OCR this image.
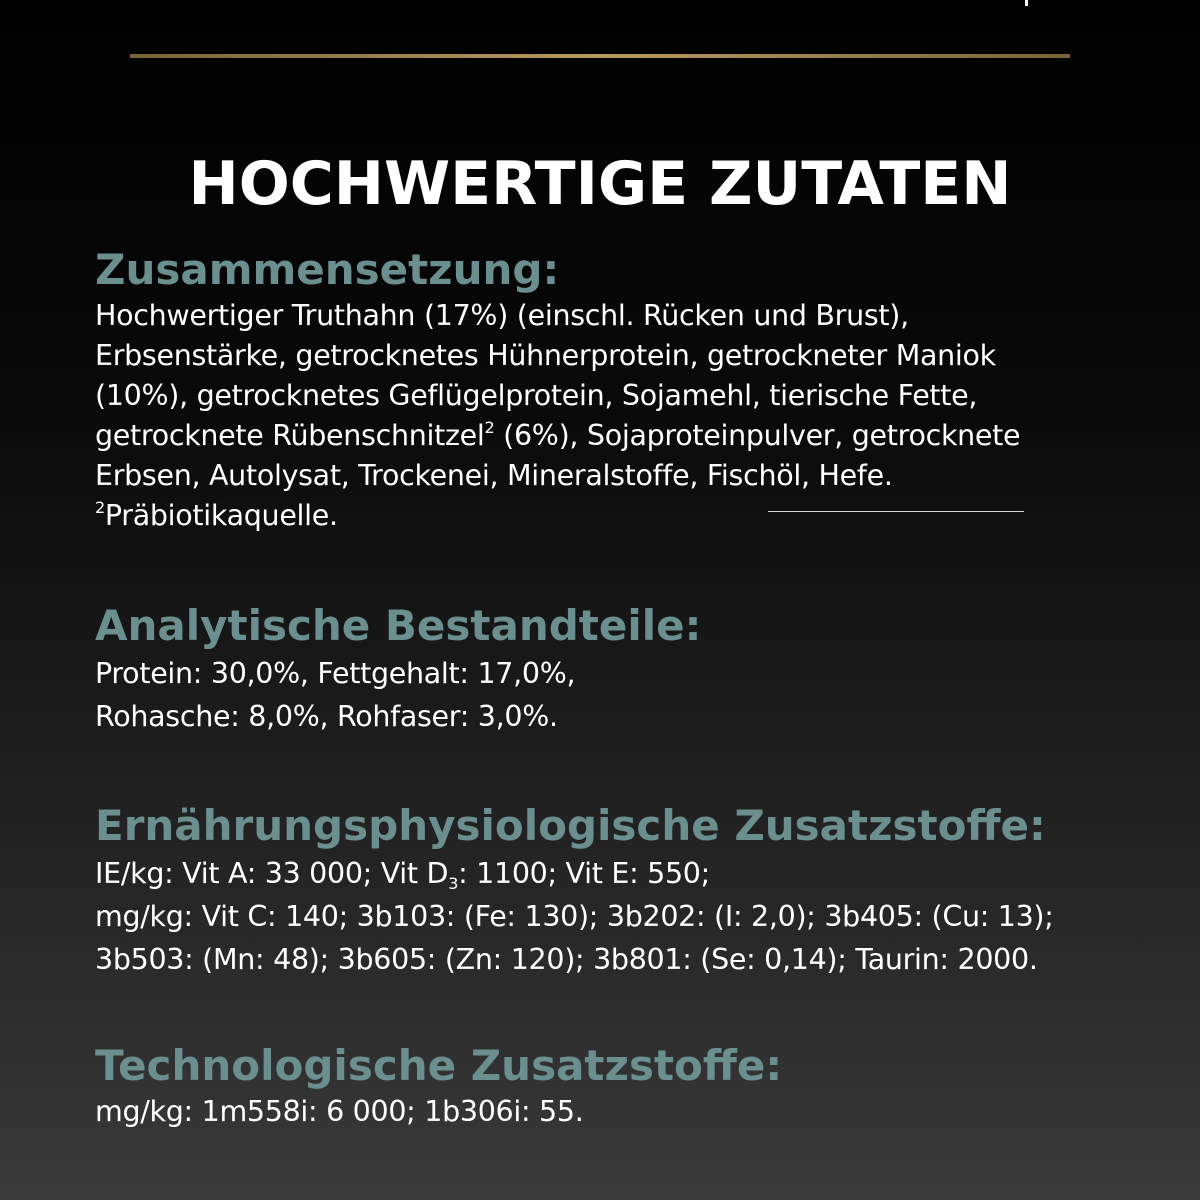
HOCHWERTIGE ZUTATEN
Zusammensetzung:

Hochwertiger Truthahn (17%) (einschl. Rücken und Brust),
Erbsenstärke, getrocknetes Hühnerprotein, getrockneter Maniok
(10%), getrocknetes Geflügelprotein, Sojamehl, tierische Fette,
getrocknete Rübenschnitzel$^2$ (6%), Sojaproteinpulver, getrocknete
Erbsen, Autolysat, Trockenei, Mineralstoffe, Fischöl, Hefe.
$^2$Präbiotikaquelle.

Analytische Bestandteile:

Protein: 30,0%, Fettgehalt: 17,0%,
Rohasche: 8,0%, Rohfaser: 3,0%.

Ernährungsphysiologische Zusatzstoffe:

IE/kg: Vit A: 33 000; Vit $D_3$: 1100; Vit E: 550;
mg/kg: Vit C: 140; 3b103: (Fe: 130); 3b202: (I: 2,0); 3b405: (Cu: 13);
3b503: (Mn: 48); 3b605: (Zn: 120); 3b801: (Se: 0,14); Taurin: 2000.

Technologische Zusatzstoffe:

mg/kg: 1m558i: 6 000; 1b306i: 55.
